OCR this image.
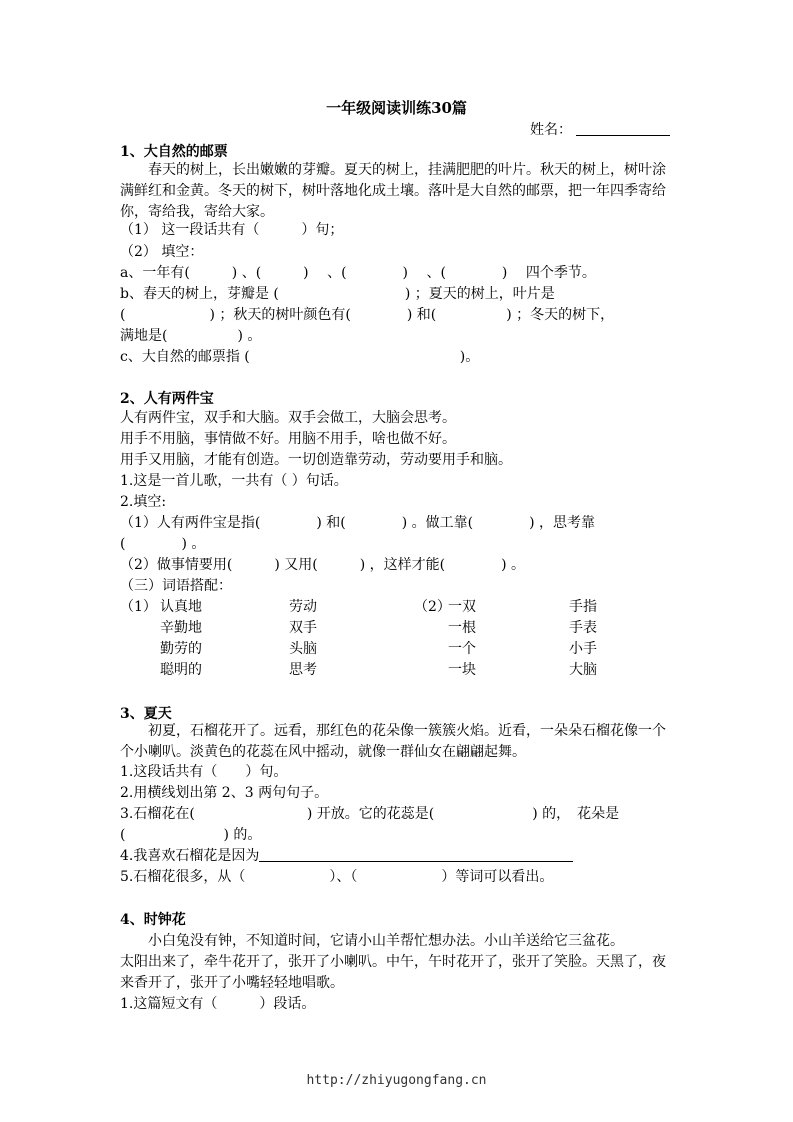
一年级阅读训练30篇
姓名：
1、大自然的邮票
春天的树上，长出嫩嫩的芽瓣。夏天的树上，挂满肥肥的叶片。秋天的树上，树叶涂满鲜红和金黄。冬天的树下，树叶落地化成土壤。落叶是大自然的邮票，把一年四季寄给你，寄给我，寄给大家。
（1） 这一段话共有（　　　）句；
（2） 填空：
a、一年有(　　　) 、(　　　) 　、(　　　　) 　、(　　　　) 　四个季节。
b、春天的树上，芽瓣是 (　　　　　　　　　) ；夏天的树上，叶片是
(　　　　　　) ；秋天的树叶颜色有(　　　　) 和(　　　　　) ；冬天的树下，
满地是(　　　　　) 。
c、大自然的邮票指 (　　　　　　　　　　　　　　　)。
2、人有两件宝
人有两件宝，双手和大脑。双手会做工，大脑会思考。
用手不用脑，事情做不好。用脑不用手，啥也做不好。
用手又用脑，才能有创造。一切创造靠劳动，劳动要用手和脑。
1.这是一首儿歌，一共有（ ）句话。
2.填空:
（1）人有两件宝是指(　　　　) 和(　　　　) 。做工靠(　　　　) ，思考靠
(　　　　) 。
（2）做事情要用(　　　) 又用(　　　) ，这样才能(　　　　) 。
（三）词语搭配：
（1） 认真地
辛勤地
勤劳的
聪明的
劳动
双手
头脑
思考
（2）
一双
一根
一个
一块
手指
手表
小手
大脑
3、夏天
初夏，石榴花开了。远看，那红色的花朵像一簇簇火焰。近看，一朵朵石榴花像一个个小喇叭。淡黄色的花蕊在风中摇动，就像一群仙女在翩翩起舞。
1.这段话共有（　　）句。
2.用横线划出第 2、3 两句句子。
3.石榴花在(　　　　　　　　) 开放。它的花蕊是(　　　　　　　) 的，　花朵是
(　　　　　　　) 的。
4.我喜欢石榴花是因为
5.石榴花很多，从（　　　　　　）、（　　　　　　）等词可以看出。
4、时钟花
小白兔没有钟，不知道时间，它请小山羊帮忙想办法。小山羊送给它三盆花。
太阳出来了，牵牛花开了，张开了小喇叭。中午，午时花开了，张开了笑脸。天黑了，夜来香开了，张开了小嘴轻轻地唱歌。
1.这篇短文有（　　　）段话。
http://zhiyugongfang.cn
